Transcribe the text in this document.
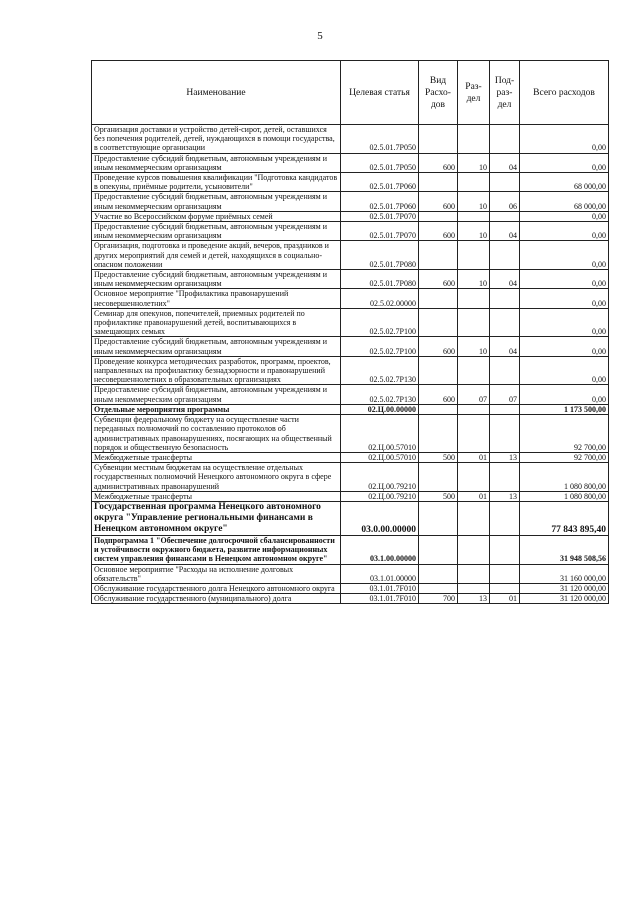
5
Наименование	Целевая статья	Вид Расхо- дов	Раз- дел	Под- раз- дел	Всего расходов
Организация доставки и устройство детей-сирот, детей, оставшихся без попечения родителей, детей, нуждающихся в помощи государства, в соответствующие организации	02.5.01.7Р050				0,00
Предоставление субсидий бюджетным, автономным учреждениям и иным некоммерческим организациям	02.5.01.7Р050	600	10	04	0,00
Проведение курсов повышения квалификации "Подготовка кандидатов в опекуны, приёмные родители, усыновители"	02.5.01.7Р060				68 000,00
Предоставление субсидий бюджетным, автономным учреждениям и иным некоммерческим организациям	02.5.01.7Р060	600	10	06	68 000,00
Участие во Всероссийском форуме приёмных семей	02.5.01.7Р070				0,00
Предоставление субсидий бюджетным, автономным учреждениям и иным некоммерческим организациям	02.5.01.7Р070	600	10	04	0,00
Организация, подготовка и проведение акций, вечеров, праздников и других мероприятий для семей и детей, находящихся в социально-опасном положении	02.5.01.7Р080				0,00
Предоставление субсидий бюджетным, автономным учреждениям и иным некоммерческим организациям	02.5.01.7Р080	600	10	04	0,00
Основное мероприятие "Профилактика правонарушений несовершеннолетних"	02.5.02.00000				0,00
Семинар для опекунов, попечителей, приемных родителей по профилактике правонарушений детей, воспитывающихся в замещающих семьях	02.5.02.7Р100				0,00
Предоставление субсидий бюджетным, автономным учреждениям и иным некоммерческим организациям	02.5.02.7Р100	600	10	04	0,00
Проведение конкурса методических разработок, программ, проектов, направленных на профилактику безнадзорности и правонарушений несовершеннолетних в образовательных организациях	02.5.02.7Р130				0,00
Предоставление субсидий бюджетным, автономным учреждениям и иным некоммерческим организациям	02.5.02.7Р130	600	07	07	0,00
Отдельные мероприятия программы	02.Ц.00.00000				1 173 500,00
Субвенции федеральному бюджету на осуществление части переданных полномочий по составлению протоколов об административных правонарушениях, посягающих на общественный порядок и общественную безопасность	02.Ц.00.57010				92 700,00
Межбюджетные трансферты	02.Ц.00.57010	500	01	13	92 700,00
Субвенции местным бюджетам на осуществление отдельных государственных полномочий Ненецкого автономного округа в сфере административных правонарушений	02.Ц.00.79210				1 080 800,00
Межбюджетные трансферты	02.Ц.00.79210	500	01	13	1 080 800,00
Государственная программа Ненецкого автономного округа "Управление региональными финансами в Ненецком автономном округе"	03.0.00.00000				77 843 895,40
Подпрограмма 1 "Обеспечение долгосрочной сбалансированности и устойчивости окружного бюджета, развитие информационных систем управления финансами в Ненецком автономном округе"	03.1.00.00000				31 948 508,56
Основное мероприятие "Расходы на исполнение долговых обязательств"	03.1.01.00000				31 160 000,00
Обслуживание государственного долга Ненецкого автономного округа	03.1.01.7F010				31 120 000,00
Обслуживание государственного (муниципального) долга	03.1.01.7F010	700	13	01	31 120 000,00
